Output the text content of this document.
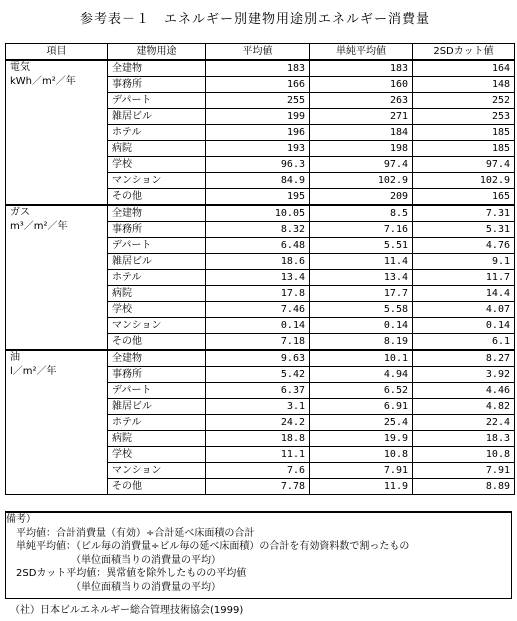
参考表－１　エネルギー別建物用途別エネルギー消費量
項目	建物用途	平均値	単純平均値	2SDカット値

電気
kWh／m²／年	全建物	183	183	164
	事務所	166	160	148
	デパート	255	263	252
	雑居ビル	199	271	253
	ホテル	196	184	185
	病院	193	198	185
	学校	96.3	97.4	97.4
	マンション	84.9	102.9	102.9
	その他	195	209	165

ガス
m³／m²／年	全建物	10.05	8.5	7.31
	事務所	8.32	7.16	5.31
	デパート	6.48	5.51	4.76
	雑居ビル	18.6	11.4	9.1
	ホテル	13.4	13.4	11.7
	病院	17.8	17.7	14.4
	学校	7.46	5.58	4.07
	マンション	0.14	0.14	0.14
	その他	7.18	8.19	6.1

油
l／m²／年	全建物	9.63	10.1	8.27
	事務所	5.42	4.94	3.92
	デパート	6.37	6.52	4.46
	雑居ビル	3.1	6.91	4.82
	ホテル	24.2	25.4	22.4
	病院	18.8	19.9	18.3
	学校	11.1	10.8	10.8
	マンション	7.6	7.91	7.91
	その他	7.78	11.9	8.89
備考）
　平均値：合計消費量（有効）÷合計延べ床面積の合計
　単純平均値：（ビル毎の消費量÷ビル毎の延べ床面積）の合計を有効資料数で割ったもの
　　　　　　　（単位面積当りの消費量の平均）
　2SDカット平均値：異常値を除外したものの平均値
　　　　　　　（単位面積当りの消費量の平均）
（社）日本ビルエネルギー総合管理技術協会(1999)
